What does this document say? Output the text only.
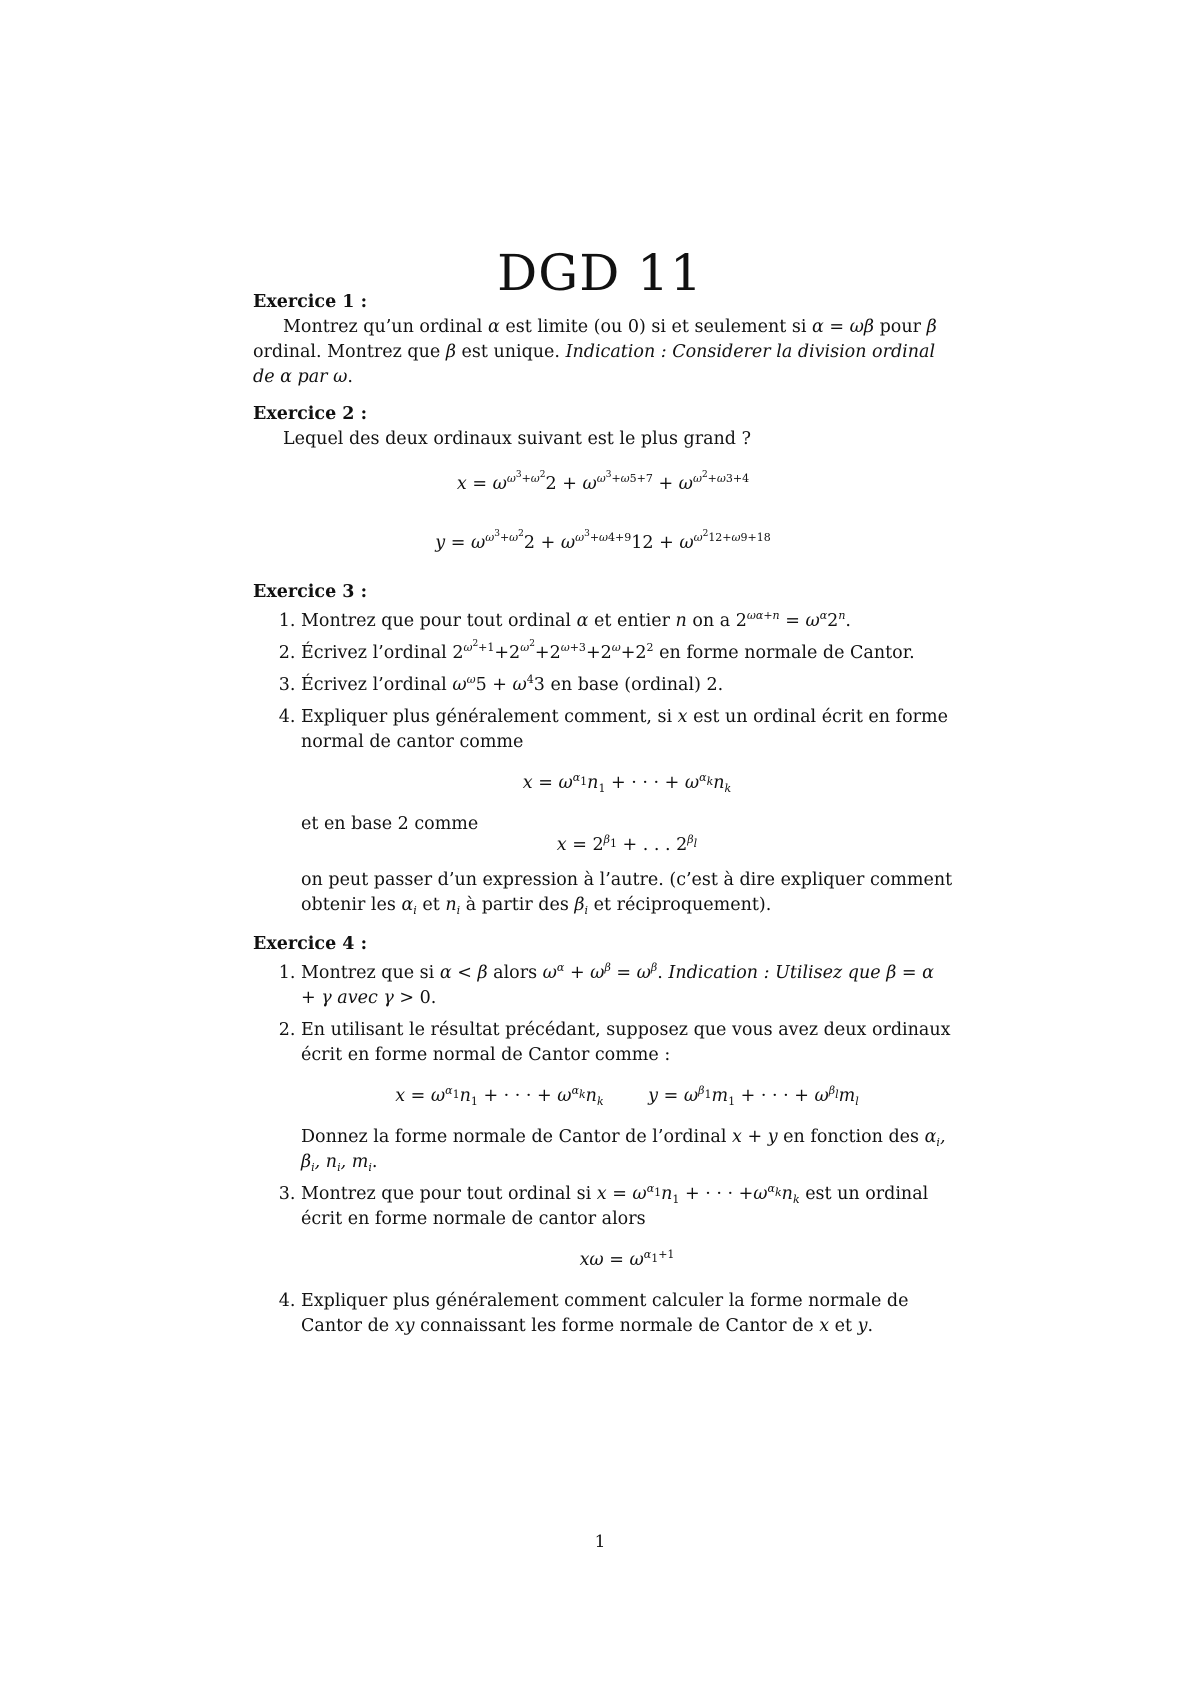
DGD 11
Exercice 1 :
Montrez qu’un ordinal α est limite (ou 0) si et seulement si α = ωβ pour β ordinal. Montrez que β est unique. Indication : Considerer la division ordinal de α par ω.
Exercice 2 :
Lequel des deux ordinaux suivant est le plus grand ?
$x = \omega^{\omega^3+\omega^2}2 + \omega^{\omega^3+\omega 5+7} + \omega^{\omega^2+\omega 3+4}$
$y = \omega^{\omega^3+\omega^2}2 + \omega^{\omega^3+\omega 4+9}12 + \omega^{\omega^212+\omega 9+18}$
Exercice 3 :
1. Montrez que pour tout ordinal α et entier n on a $2^{\omega\alpha+n} = \omega^\alpha 2^n$.
2. Écrivez l’ordinal $2^{\omega^2+1}+2^{\omega^2}+2^{\omega+3}+2^\omega+2^2$ en forme normale de Cantor.
3. Écrivez l’ordinal $\omega^\omega 5 + \omega^43$ en base (ordinal) 2.
4. Expliquer plus généralement comment, si x est un ordinal écrit en forme normal de cantor comme
$x = \omega^{\alpha_1}n_1$ + · · · + $\omega^{\alpha_k}n_k$
et en base 2 comme
$x = 2^{\beta_1}$ + . . . $2^{\beta_l}$
on peut passer d’un expression à l’autre. (c’est à dire expliquer comment obtenir les $\alpha_i$ et $n_i$ à partir des $\beta_i$ et réciproquement).
Exercice 4 :
1. Montrez que si α < β alors $\omega^\alpha + \omega^\beta = \omega^\beta$. Indication : Utilisez que β = α + γ avec γ > 0.
2. En utilisant le résultat précédant, supposez que vous avez deux ordinaux écrit en forme normal de Cantor comme :
$x = \omega^{\alpha_1}n_1$ + · · · + $\omega^{\alpha_k}n_k$        $y = \omega^{\beta_1}m_1$ + · · · + $\omega^{\beta_l}m_l$
Donnez la forme normale de Cantor de l’ordinal x + y en fonction des $\alpha_i$, $\beta_i$, $n_i$, $m_i$.
3. Montrez que pour tout ordinal si $x = \omega^{\alpha_1}n_1$ + · · · $+\omega^{\alpha_k}n_k$ est un ordinal écrit en forme normale de cantor alors
$x\omega = \omega^{\alpha_1+1}$
4. Expliquer plus généralement comment calculer la forme normale de Cantor de xy connaissant les forme normale de Cantor de x et y.
1
